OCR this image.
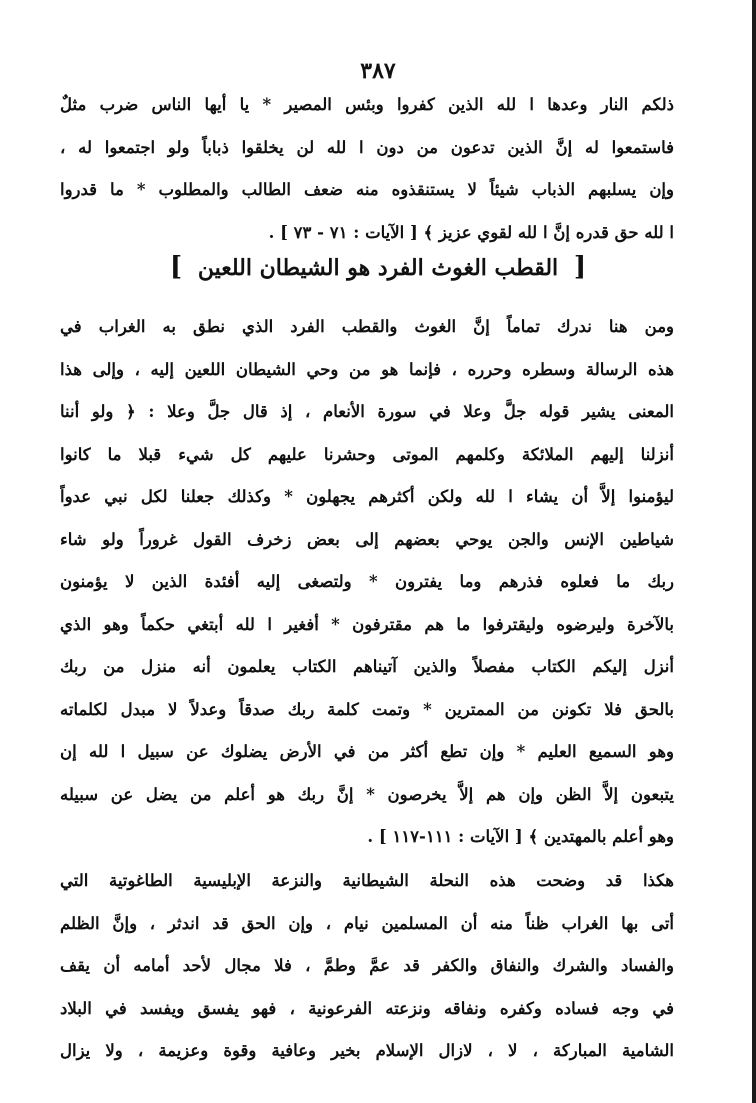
٣٨٧
ذلكم النار وعدها ا لله الذين كفروا وبئس المصير * يا أيها الناس ضرب مثلٌ
فاستمعوا له إنَّ الذين تدعون من دون ا لله لن يخلقوا ذباباً ولو اجتمعوا له ،
وإن يسلبهم الذباب شيئاً لا يستنقذوه منه ضعف الطالب والمطلوب * ما قدروا
ا لله حق قدره إنَّ ا لله لقوي عزيز ﴾ [ الآيات : ٧١ - ٧٣ ] .
[ القطب الغوث الفرد هو الشيطان اللعين ]
ومن هنا ندرك تماماً إنَّ الغوث والقطب الفرد الذي نطق به الغراب في
هذه الرسالة وسطره وحرره ، فإنما هو من وحي الشيطان اللعين إليه ، وإلى هذا
المعنى يشير قوله جلَّ وعلا في سورة الأنعام ، إذ قال جلَّ وعلا : ﴿ ولو أننا
أنزلنا إليهم الملائكة وكلمهم الموتى وحشرنا عليهم كل شيء قبلا ما كانوا
ليؤمنوا إلاَّ أن يشاء ا لله ولكن أكثرهم يجهلون * وكذلك جعلنا لكل نبي عدواً
شياطين الإنس والجن يوحي بعضهم إلى بعض زخرف القول غروراً ولو شاء
ربك ما فعلوه فذرهم وما يفترون * ولتصغى إليه أفئدة الذين لا يؤمنون
بالآخرة وليرضوه وليقترفوا ما هم مقترفون * أفغير ا لله أبتغي حكماً وهو الذي
أنزل إليكم الكتاب مفصلاً والذين آتيناهم الكتاب يعلمون أنه منزل من ربك
بالحق فلا تكونن من الممترين * وتمت كلمة ربك صدقاً وعدلاً لا مبدل لكلماته
وهو السميع العليم * وإن تطع أكثر من في الأرض يضلوك عن سبيل ا لله إن
يتبعون إلاَّ الظن وإن هم إلاَّ يخرصون * إنَّ ربك هو أعلم من يضل عن سبيله
وهو أعلم بالمهتدين ﴾ [ الآيات : ١١١-١١٧ ] .
هكذا قد وضحت هذه النحلة الشيطانية والنزعة الإبليسية الطاغوتية التي
أتى بها الغراب ظناً منه أن المسلمين نيام ، وإن الحق قد اندثر ، وإنَّ الظلم
والفساد والشرك والنفاق والكفر قد عمَّ وطمَّ ، فلا مجال لأحد أمامه أن يقف
في وجه فساده وكفره ونفاقه ونزعته الفرعونية ، فهو يفسق ويفسد في البلاد
الشامية المباركة ، لا ، لازال الإسلام بخير وعافية وقوة وعزيمة ، ولا يزال
